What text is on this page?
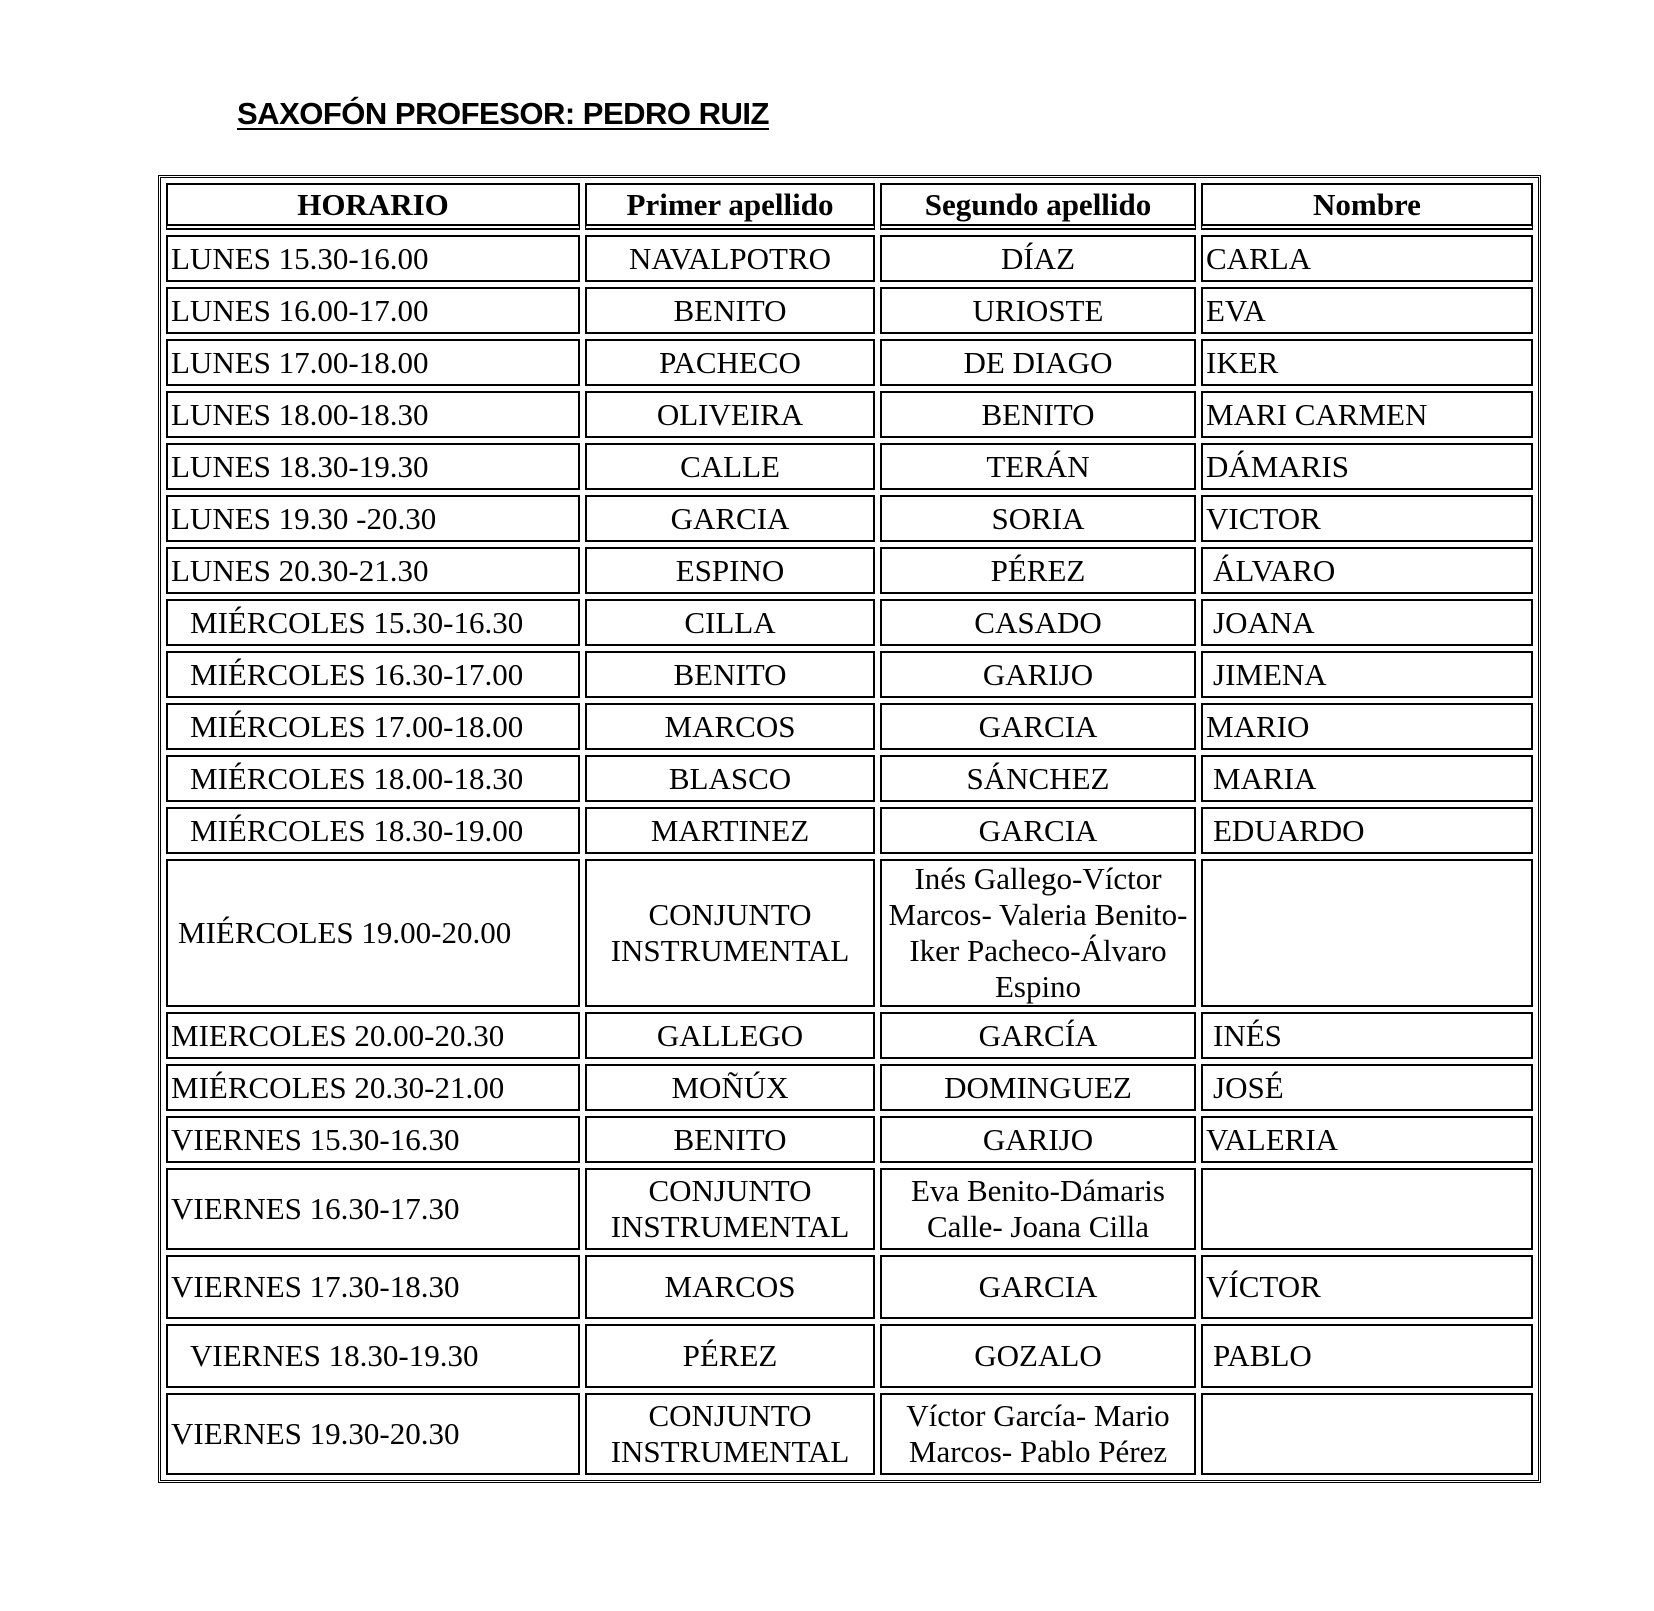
SAXOFÓN PROFESOR: PEDRO RUIZ
HORARIO	Primer apellido	Segundo apellido	Nombre
LUNES 15.30-16.00	NAVALPOTRO	DÍAZ	CARLA
LUNES 16.00-17.00	BENITO	URIOSTE	EVA
LUNES 17.00-18.00	PACHECO	DE DIAGO	IKER
LUNES 18.00-18.30	OLIVEIRA	BENITO	MARI CARMEN
LUNES 18.30-19.30	CALLE	TERÁN	DÁMARIS
LUNES 19.30 -20.30	GARCIA	SORIA	VICTOR
LUNES 20.30-21.30	ESPINO	PÉREZ	ÁLVARO
MIÉRCOLES 15.30-16.30	CILLA	CASADO	JOANA
MIÉRCOLES 16.30-17.00	BENITO	GARIJO	JIMENA
MIÉRCOLES 17.00-18.00	MARCOS	GARCIA	MARIO
MIÉRCOLES 18.00-18.30	BLASCO	SÁNCHEZ	MARIA
MIÉRCOLES 18.30-19.00	MARTINEZ	GARCIA	EDUARDO
MIÉRCOLES 19.00-20.00	CONJUNTO INSTRUMENTAL	Inés Gallego-Víctor Marcos- Valeria Benito- Iker Pacheco-Álvaro Espino	
MIERCOLES 20.00-20.30	GALLEGO	GARCÍA	INÉS
MIÉRCOLES 20.30-21.00	MOÑÚX	DOMINGUEZ	JOSÉ
VIERNES 15.30-16.30	BENITO	GARIJO	VALERIA
VIERNES 16.30-17.30	CONJUNTO INSTRUMENTAL	Eva Benito-Dámaris Calle- Joana Cilla	
VIERNES 17.30-18.30	MARCOS	GARCIA	VÍCTOR
VIERNES 18.30-19.30	PÉREZ	GOZALO	PABLO
VIERNES 19.30-20.30	CONJUNTO INSTRUMENTAL	Víctor García- Mario Marcos- Pablo Pérez	
